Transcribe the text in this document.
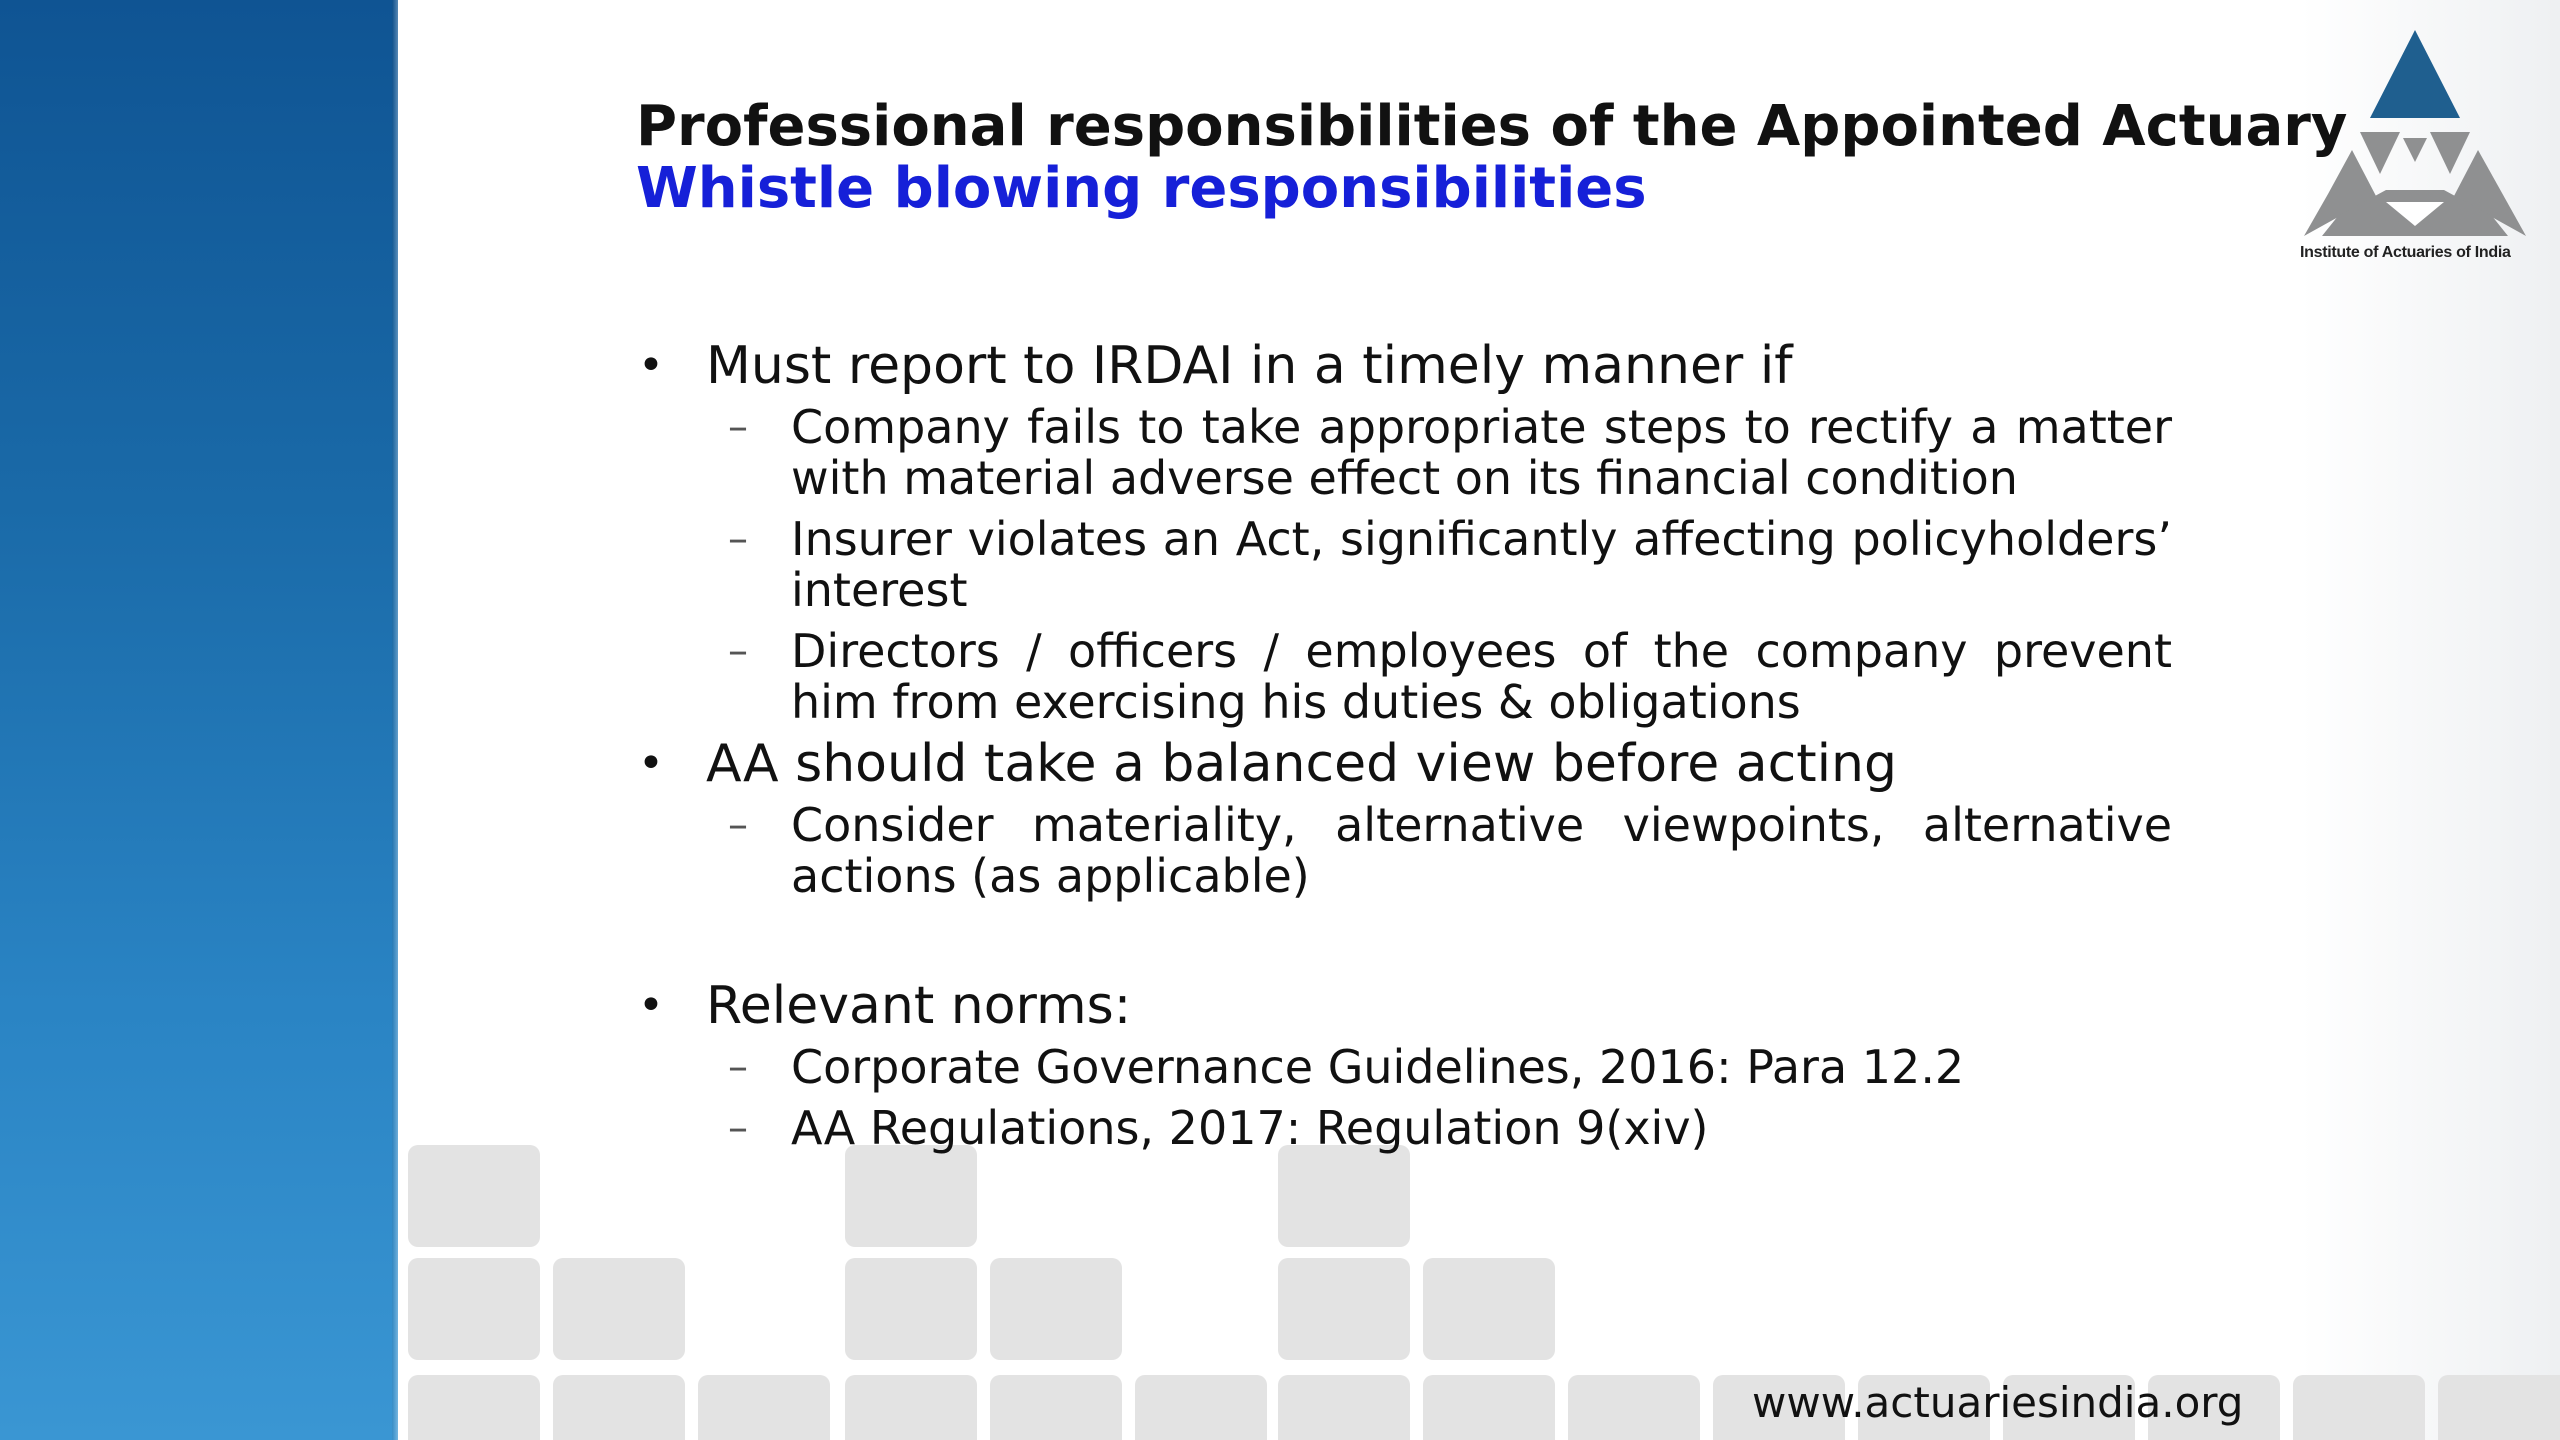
Professional responsibilities of the Appointed Actuary
Whistle blowing responsibilities
Institute of Actuaries of India
• Must report to IRDAI in a timely manner if
– Company fails to take appropriate steps to rectify a matter with material adverse effect on its financial condition
– Insurer violates an Act, significantly affecting policyholders’ interest
– Directors / officers / employees of the company prevent him from exercising his duties & obligations
• AA should take a balanced view before acting
– Consider materiality, alternative viewpoints, alternative actions (as applicable)
• Relevant norms:
– Corporate Governance Guidelines, 2016: Para 12.2
– AA Regulations, 2017: Regulation 9(xiv)
www.actuariesindia.org
